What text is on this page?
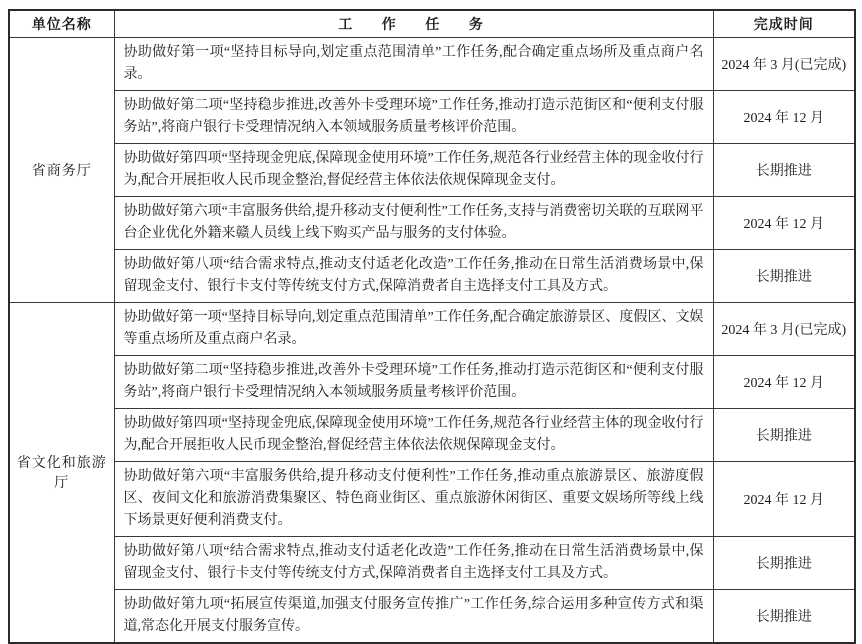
单位名称	工 作 任 务	完成时间
省商务厅	协助做好第一项“坚持目标导向,划定重点范围清单”工作任务,配合确定重点场所及重点商户名录。	2024 年 3 月(已完成)
	协助做好第二项“坚持稳步推进,改善外卡受理环境”工作任务,推动打造示范街区和“便利支付服务站”,将商户银行卡受理情况纳入本领域服务质量考核评价范围。	2024 年 12 月
	协助做好第四项“坚持现金兜底,保障现金使用环境”工作任务,规范各行业经营主体的现金收付行为,配合开展拒收人民币现金整治,督促经营主体依法依规保障现金支付。	长期推进
	协助做好第六项“丰富服务供给,提升移动支付便利性”工作任务,支持与消费密切关联的互联网平台企业优化外籍来赣人员线上线下购买产品与服务的支付体验。	2024 年 12 月
	协助做好第八项“结合需求特点,推动支付适老化改造”工作任务,推动在日常生活消费场景中,保留现金支付、银行卡支付等传统支付方式,保障消费者自主选择支付工具及方式。	长期推进
省文化和旅游厅	协助做好第一项“坚持目标导向,划定重点范围清单”工作任务,配合确定旅游景区、度假区、文娱等重点场所及重点商户名录。	2024 年 3 月(已完成)
	协助做好第二项“坚持稳步推进,改善外卡受理环境”工作任务,推动打造示范街区和“便利支付服务站”,将商户银行卡受理情况纳入本领域服务质量考核评价范围。	2024 年 12 月
	协助做好第四项“坚持现金兜底,保障现金使用环境”工作任务,规范各行业经营主体的现金收付行为,配合开展拒收人民币现金整治,督促经营主体依法依规保障现金支付。	长期推进
	协助做好第六项“丰富服务供给,提升移动支付便利性”工作任务,推动重点旅游景区、旅游度假区、夜间文化和旅游消费集聚区、特色商业街区、重点旅游休闲街区、重要文娱场所等线上线下场景更好便利消费支付。	2024 年 12 月
	协助做好第八项“结合需求特点,推动支付适老化改造”工作任务,推动在日常生活消费场景中,保留现金支付、银行卡支付等传统支付方式,保障消费者自主选择支付工具及方式。	长期推进
	协助做好第九项“拓展宣传渠道,加强支付服务宣传推广”工作任务,综合运用多种宣传方式和渠道,常态化开展支付服务宣传。	长期推进
